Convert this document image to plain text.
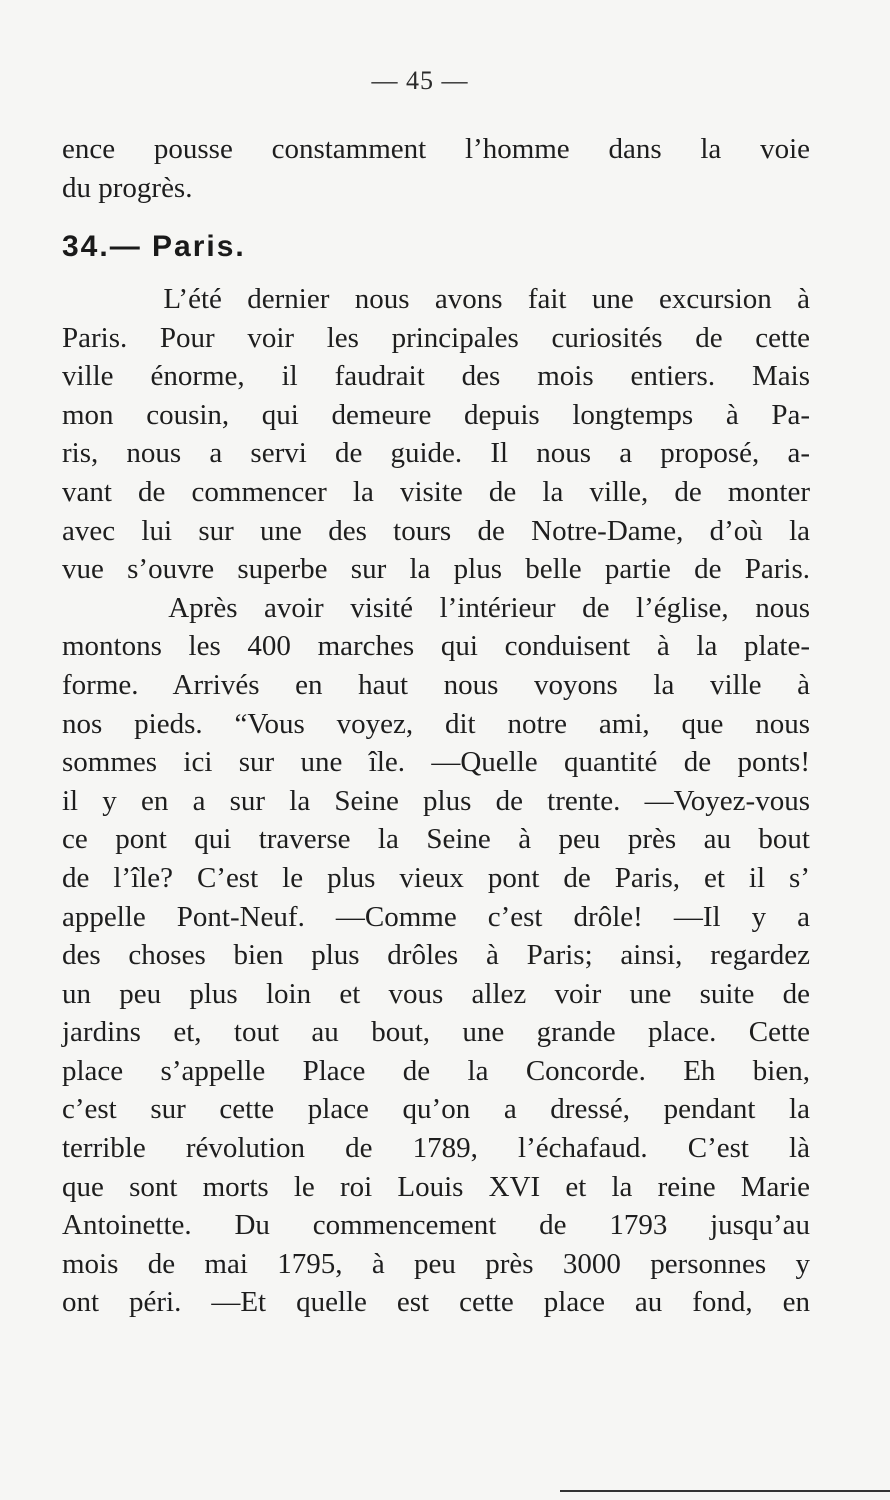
— 45 —
ence pousse constamment l’homme dans la voie
du progrès.
34.— Paris.
L’été dernier nous avons fait une excursion à
Paris. Pour voir les principales curiosités de cette
ville énorme, il faudrait des mois entiers. Mais
mon cousin, qui demeure depuis longtemps à Pa-
ris, nous a servi de guide. Il nous a proposé, a-
vant de commencer la visite de la ville, de monter
avec lui sur une des tours de Notre-Dame, d’où la
vue s’ouvre superbe sur la plus belle partie de Paris.
Après avoir visité l’intérieur de l’église, nous
montons les 400 marches qui conduisent à la plate-
forme. Arrivés en haut nous voyons la ville à
nos pieds. “Vous voyez, dit notre ami, que nous
sommes ici sur une île. —Quelle quantité de ponts!
il y en a sur la Seine plus de trente. —Voyez-vous
ce pont qui traverse la Seine à peu près au bout
de l’île? C’est le plus vieux pont de Paris, et il s’
appelle Pont-Neuf. —Comme c’est drôle! —Il y a
des choses bien plus drôles à Paris; ainsi, regardez
un peu plus loin et vous allez voir une suite de
jardins et, tout au bout, une grande place. Cette
place s’appelle Place de la Concorde. Eh bien,
c’est sur cette place qu’on a dressé, pendant la
terrible révolution de 1789, l’échafaud. C’est là
que sont morts le roi Louis XVI et la reine Marie
Antoinette. Du commencement de 1793 jusqu’au
mois de mai 1795, à peu près 3000 personnes y
ont péri. —Et quelle est cette place au fond, en
